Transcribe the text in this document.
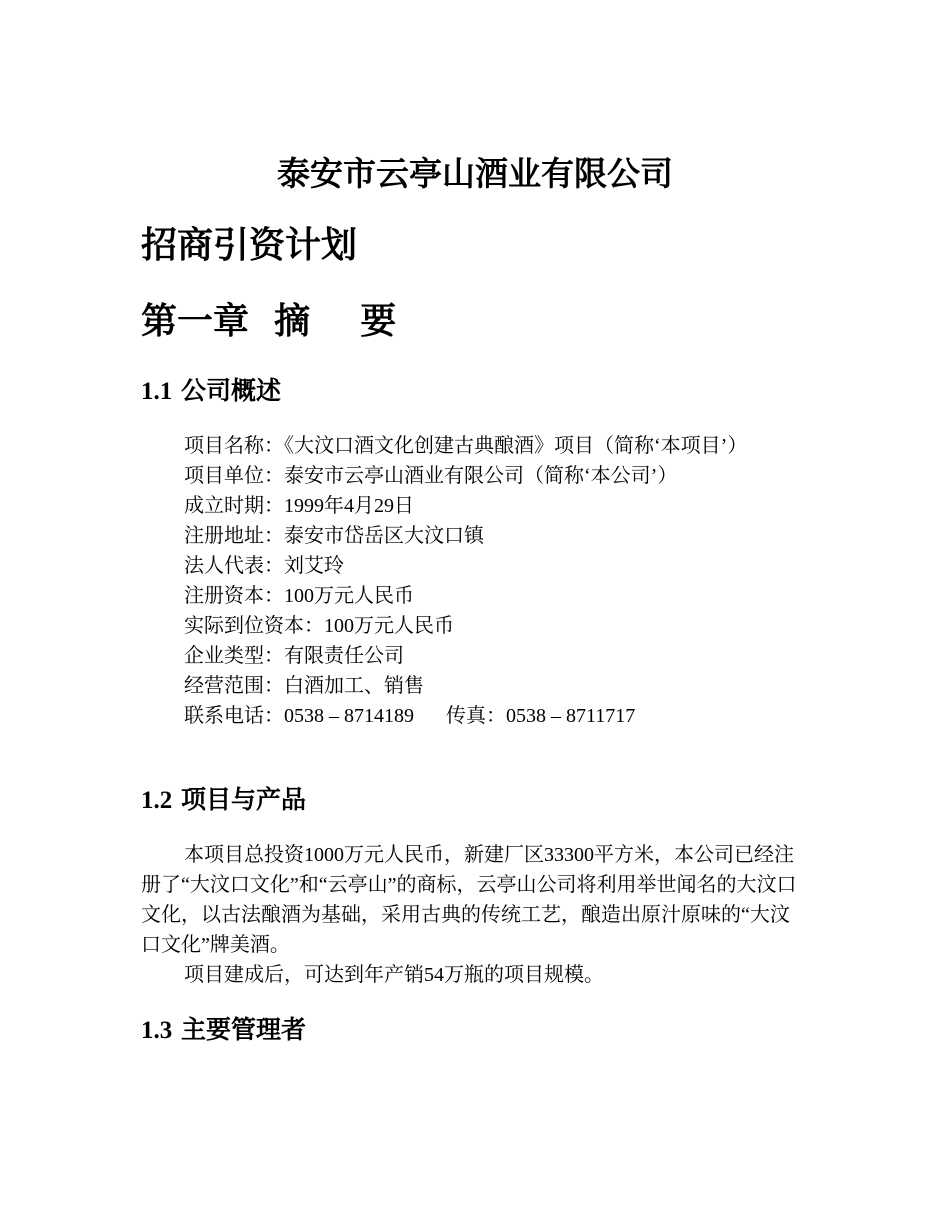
泰安市云亭山酒业有限公司
招商引资计划
第一章  摘    要
1.1 公司概述

项目名称：《大汶口酒文化创建古典酿酒》项目（简称‘本项目’）

项目单位：泰安市云亭山酒业有限公司（简称‘本公司’）

成立时期：1999年4月29日

注册地址：泰安市岱岳区大汶口镇

法人代表：刘艾玲

注册资本：100万元人民币

实际到位资本：100万元人民币

企业类型：有限责任公司

经营范围：白酒加工、销售

联系电话：0538 – 8714189 传真：0538 – 8711717

1.2 项目与产品

本项目总投资1000万元人民币，新建厂区33300平方米，本公司已经注册了“大汶口文化”和“云亭山”的商标，云亭山公司将利用举世闻名的大汶口文化，以古法酿酒为基础，采用古典的传统工艺，酿造出原汁原味的“大汶口文化”牌美酒。

项目建成后，可达到年产销54万瓶的项目规模。

1.3 主要管理者
